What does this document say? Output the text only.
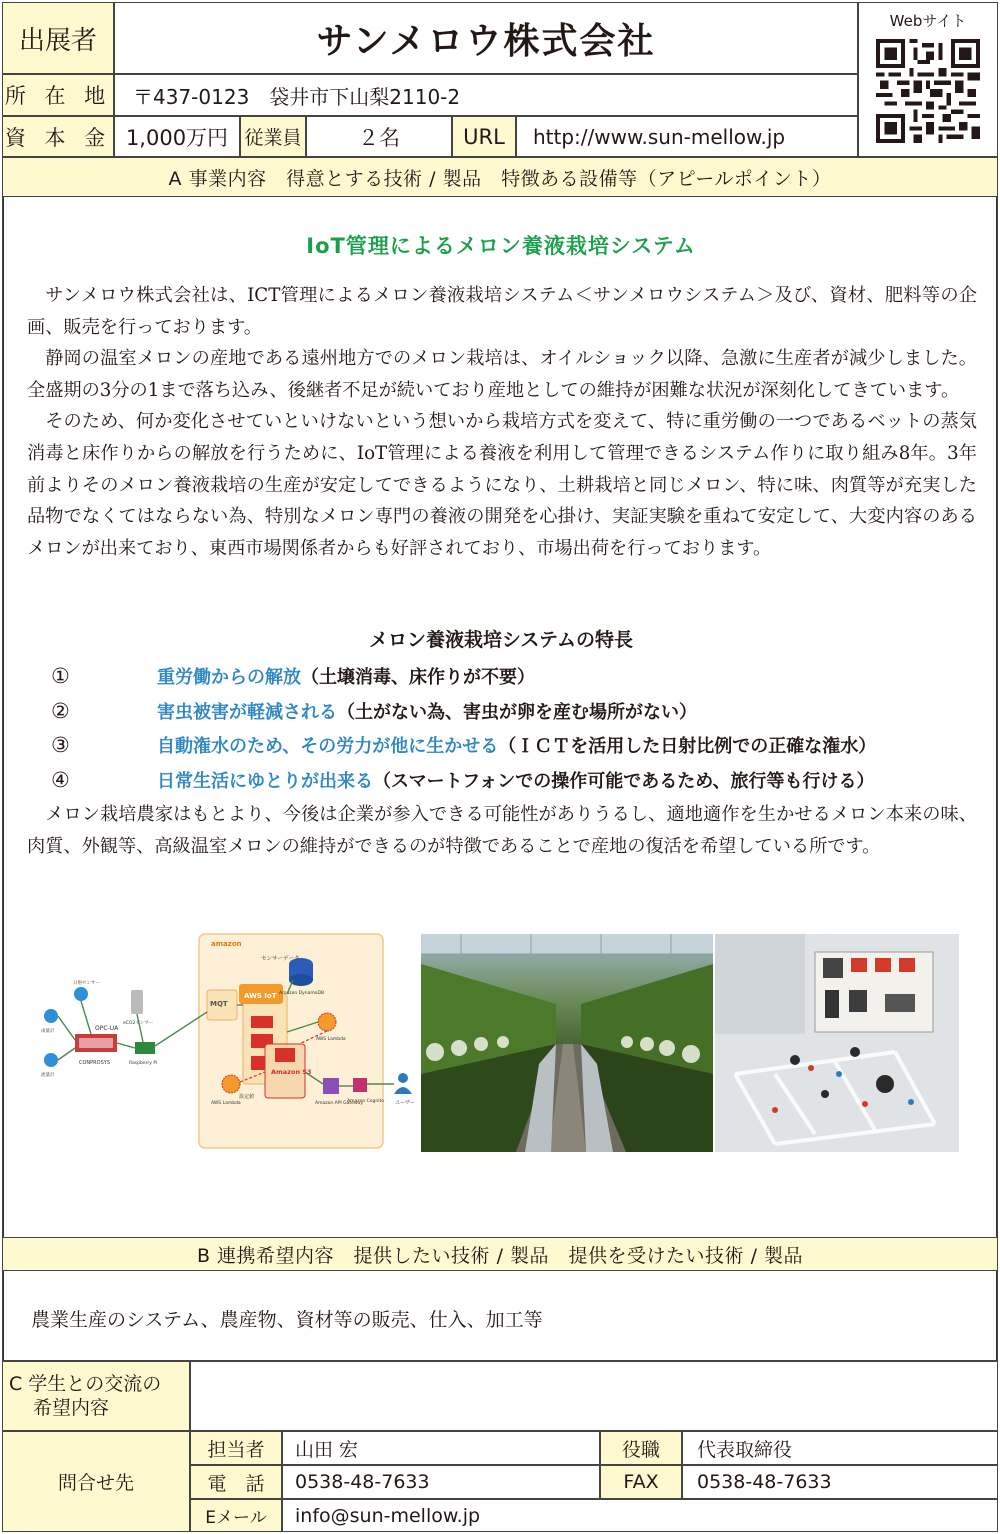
出展者	サンメロウ株式会社	Webサイト
所 在 地	〒437-0123　袋井市下山梨2110-2
資 本 金 1,000万円 従業員	２名	URL	http://www.sun-mellow.jp
A 事業内容　得意とする技術 / 製品　特徴ある設備等（アピールポイント）
IoT管理によるメロン養液栽培システム

サンメロウ株式会社は、ICT管理によるメロン養液栽培システム＜サンメロウシステム＞及び、資材、肥料等の企画、販売を行っております。

静岡の温室メロンの産地である遠州地方でのメロン栽培は、オイルショック以降、急激に生産者が減少しました。全盛期の3分の1まで落ち込み、後継者不足が続いており産地としての維持が困難な状況が深刻化してきています。

そのため、何か変化させていといけないという想いから栽培方式を変えて、特に重労働の一つであるベットの蒸気消毒と床作りからの解放を行うために、IoT管理による養液を利用して管理できるシステム作りに取り組み8年。3年前よりそのメロン養液栽培の生産が安定してできるようになり、土耕栽培と同じメロン、特に味、肉質等が充実した品物でなくてはならない為、特別なメロン専門の養液の開発を心掛け、実証実験を重ねて安定して、大変内容のあるメロンが出来ており、東西市場関係者からも好評されており、市場出荷を行っております。

メロン養液栽培システムの特長
①	重労働からの解放 （土壌消毒、床作りが不要）
②	害虫被害が軽減される （土がない為、害虫が卵を産む場所がない）
③	自動潅水のため、その労力が他に生かせる （ＩＣＴを活用した日射比例での正確な潅水）
④	日常生活にゆとりが出来る （スマートフォンでの操作可能であるため、旅行等も行ける）

メロン栽培農家はもとより、今後は企業が参入できる可能性がありうるし、適地適作を生かせるメロン本来の味、肉質、外観等、高級温室メロンの維持ができるのが特徴であることで産地の復活を希望している所です。

amazon
MQT
AWS IoT Amazon DynamoDB
センサーデータ
Amazon S3
AWS Lambda
AWS Lambda
設定値
Amazon API Gateway
Amazon Cognito ユーザー
CONPROSYS
OPC-UA
eCO2センサー
Raspberry Pi
日射センサー
雨量計
流量計
B 連携希望内容　提供したい技術 / 製品　提供を受けたい技術 / 製品
農業生産のシステム、農産物、資材等の販売、仕入、加工等
C 学生との交流の
希望内容
問合せ先
担当者	山田 宏	役職	代表取締役
電　話	0538-48-7633	FAX	0538-48-7633
Eメール	info@sun-mellow.jp
